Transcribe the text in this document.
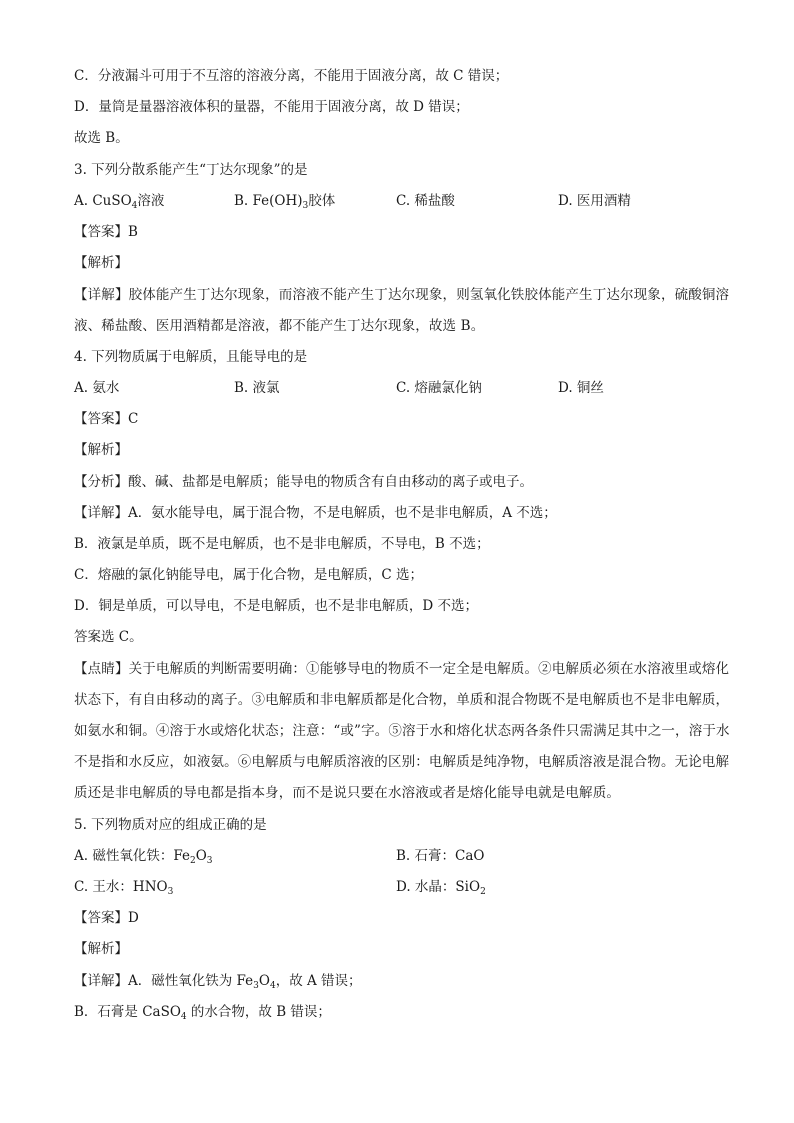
C．分液漏斗可用于不互溶的溶液分离，不能用于固液分离，故 C 错误；
D．量筒是量器溶液体积的量器，不能用于固液分离，故 D 错误；
故选 B。
3. 下列分散系能产生“丁达尔现象”的是
A. CuSO$_4$溶液	B. $Fe(OH)_3$胶体	C. 稀盐酸	D. 医用酒精
【答案】B
【解析】
【详解】胶体能产生丁达尔现象，而溶液不能产生丁达尔现象，则氢氧化铁胶体能产生丁达尔现象，硫酸铜溶液、稀盐酸、医用酒精都是溶液，都不能产生丁达尔现象，故选 B。
4. 下列物质属于电解质，且能导电的是
A. 氨水	B. 液氯	C. 熔融氯化钠	D. 铜丝
【答案】C
【解析】
【分析】酸、碱、盐都是电解质；能导电的物质含有自由移动的离子或电子。
【详解】A．氨水能导电，属于混合物，不是电解质，也不是非电解质，A 不选；
B．液氯是单质，既不是电解质，也不是非电解质，不导电，B 不选；
C．熔融的氯化钠能导电，属于化合物，是电解质，C 选；
D．铜是单质，可以导电，不是电解质，也不是非电解质，D 不选；
答案选 C。
【点睛】关于电解质的判断需要明确：①能够导电的物质不一定全是电解质。②电解质必须在水溶液里或熔化状态下，有自由移动的离子。③电解质和非电解质都是化合物，单质和混合物既不是电解质也不是非电解质，如氨水和铜。④溶于水或熔化状态；注意：“或”字。⑤溶于水和熔化状态两各条件只需满足其中之一，溶于水不是指和水反应，如液氨。⑥电解质与电解质溶液的区别：电解质是纯净物，电解质溶液是混合物。无论电解质还是非电解质的导电都是指本身，而不是说只要在水溶液或者是熔化能导电就是电解质。
5. 下列物质对应的组成正确的是
A. 磁性氧化铁：$Fe_2O_3$	B. 石膏：CaO
C. 王水：$HNO_3$	D. 水晶：SiO$_2$
【答案】D
【解析】
【详解】A．磁性氧化铁为 $Fe_3O_4$，故 A 错误；
B．石膏是 CaSO$_4$ 的水合物，故 B 错误；
